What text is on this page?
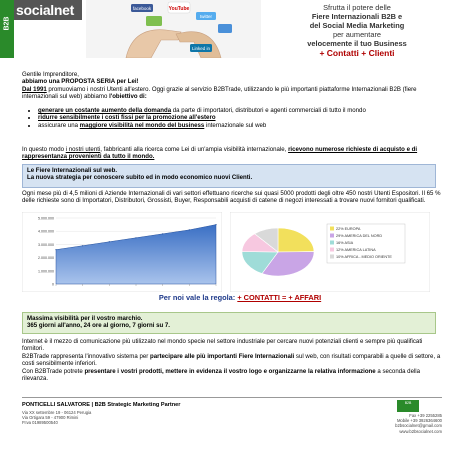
B2B
socialnet	facebook	YouTube
twitter
Linked in
Sfrutta il potere delle
Fiere Internazionali B2B e
del Social Media Marketing
per aumentare
velocemente il tuo Business
+ Contatti + Clienti
Gentile Imprenditore,
abbiamo una PROPOSTA SERIA per Lei!
Dal 1991 promuoviamo i nostri Utenti all'estero. Oggi grazie al servizio B2BTrade, utilizzando le più importanti piattaforme Internazionali B2B (fiere internazionali sul web) abbiamo l'obiettivo di:
• generare un costante aumento della domanda da parte di importatori, distributori e agenti commerciali di tutto il mondo
• ridurre sensibilmente i costi fissi per la promozione all'estero
• assicurare una maggiore visibilità nel mondo del business internazionale sul web
In questo modo i nostri utenti, fabbricanti alla ricerca come Lei di un'ampia visibilità internazionale, ricevono numerose richieste di acquisto e di rappresentanza provenienti da tutto il mondo.
Le Fiere Internazionali sul web.
La nuova strategia per conoscere subito ed in modo economico nuovi Clienti.
Ogni mese più di 4,5 milioni di Aziende Internazionali di vari settori effettuano ricerche sui quasi 5000 prodotti degli oltre 450 nostri Utenti Espositori. Il 65 % delle richieste sono di Importatori, Distributori, Grossisti, Buyer, Responsabili acquisti di catene di negozi interessati a trovare nuovi fornitori qualificati.
5.000.000
4.000.000
3.000.000
2.000.000
1.000.000
0
22% EUROPA
29% AMERICA DEL NORD
16% ASIA
12% AMERICA LATINA
10% AFRICA - MEDIO ORIENTE
Per noi vale la regola: + CONTATTI = + AFFARI
Massima visibilità per il vostro marchio.
365 giorni all'anno, 24 ore al giorno, 7 giorni su 7.
Internet è il mezzo di comunicazione più utilizzato nel mondo specie nel settore industriale per cercare nuovi potenziali clienti e sempre più qualificati fornitori.
B2BTrade rappresenta l'innovativo sistema per partecipare alle più importanti Fiere Internazionali sul web, con risultati comparabili a quelle di settore, a costi sensibilmente inferiori.
Con B2BTrade potrete presentare i vostri prodotti, mettere in evidenza il vostro logo e organizzarne la relativa informazione a seconda della rilevanza.
PONTICELLI SALVATORE | B2B Strategic Marketing Partner
Via XX settembre 19 - 06124 Perugia
Via Ortigara 59 - 47900 Rimini
P.Iva 01989500540
B2B
Fax +39 2255285
Mobile +39 3926364600
b2bsocialnet@gmail.com
www.b2bsocialnet.com
